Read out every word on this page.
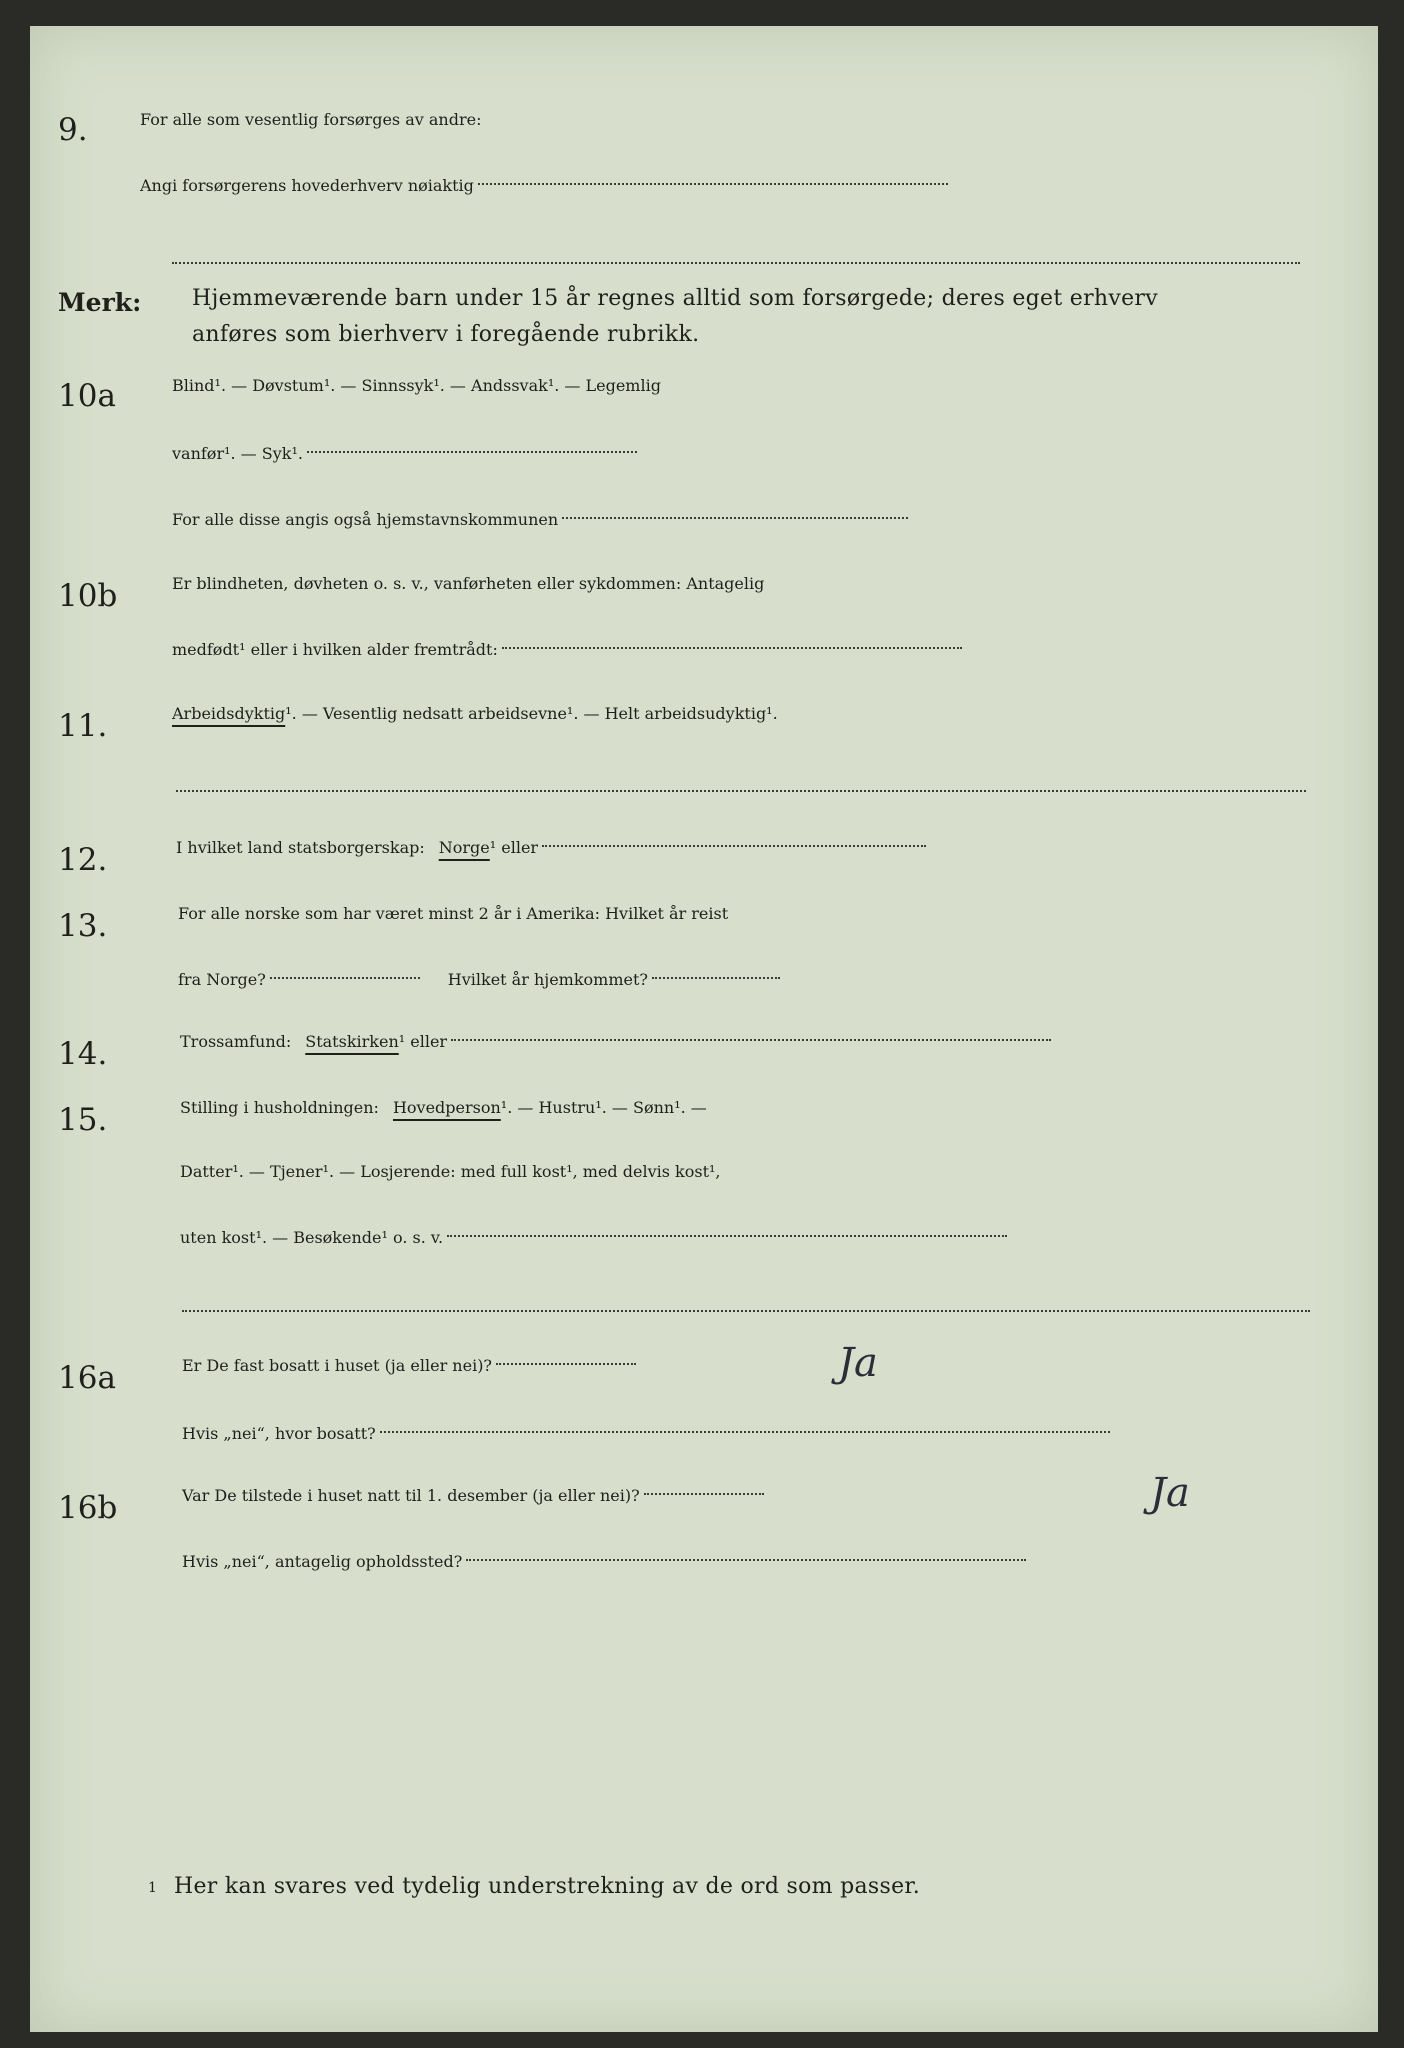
9.	For alle som vesentlig forsørges av andre:
Angi forsørgerens hovederhverv nøiaktig
Merk: Hjemmeværende barn under 15 år regnes alltid som forsørgede; deres eget erhverv
anføres som bierhverv i foregående rubrikk.
10a	Blind¹. — Døvstum¹. — Sinnssyk¹. — Andssvak¹. — Legemlig
vanfør¹. — Syk¹.
For alle disse angis også hjemstavnskommunen
10b	Er blindheten, døvheten o. s. v., vanførheten eller sykdommen: Antagelig
medfødt¹ eller i hvilken alder fremtrådt:
11.	Arbeidsdyktig ¹. — Vesentlig nedsatt arbeidsevne¹. — Helt arbeidsudyktig¹.
12.	I hvilket land statsborgerskap: Norge ¹ eller
13.	For alle norske som har været minst 2 år i Amerika: Hvilket år reist
fra Norge?	Hvilket år hjemkommet?
14.	Trossamfund: Statskirken ¹ eller
15.	Stilling i husholdningen: Hovedperson ¹. — Hustru¹. — Sønn¹. —
Datter¹. — Tjener¹. — Losjerende: med full kost¹, med delvis kost¹,
uten kost¹. — Besøkende¹ o. s. v.
16a	Er De fast bosatt i huset (ja eller nei)?	Ja
Hvis „nei“, hvor bosatt?
16b	Var De tilstede i huset natt til 1. desember (ja eller nei)?	Ja
Hvis „nei“, antagelig opholdssted?
1 Her kan svares ved tydelig understrekning av de ord som passer.
